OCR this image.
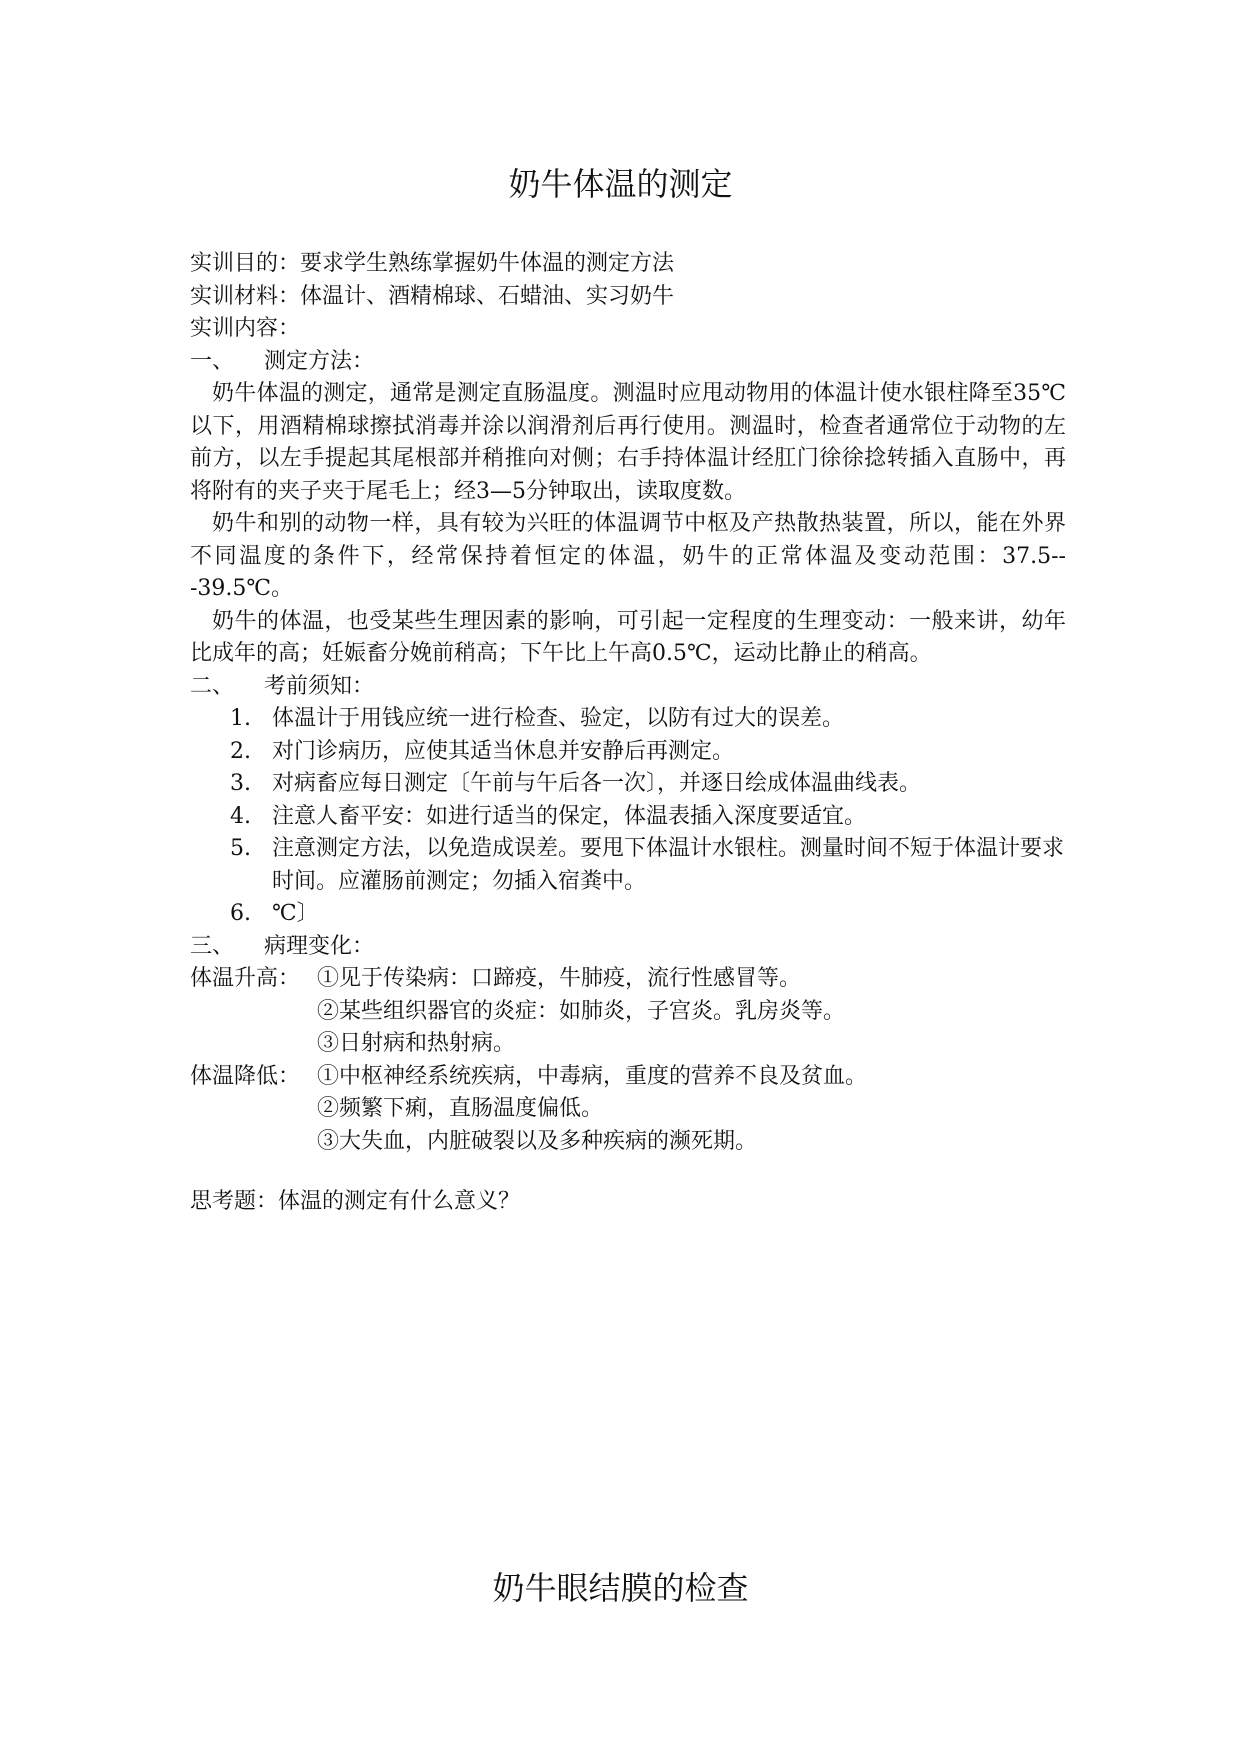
奶牛体温的测定
实训目的：要求学生熟练掌握奶牛体温的测定方法
实训材料：体温计、酒精棉球、石蜡油、实习奶牛
实训内容：
一、 测定方法：
奶牛体温的测定，通常是测定直肠温度。测温时应甩动物用的体温计使水银柱降至35℃以下，用酒精棉球擦拭消毒并涂以润滑剂后再行使用。测温时，检查者通常位于动物的左前方，以左手提起其尾根部并稍推向对侧；右手持体温计经肛门徐徐捻转插入直肠中，再将附有的夹子夹于尾毛上；经3—5分钟取出，读取度数。
奶牛和别的动物一样，具有较为兴旺的体温调节中枢及产热散热装置，所以，能在外界不同温度的条件下，经常保持着恒定的体温，奶牛的正常体温及变动范围：37.5---39.5℃。
奶牛的体温，也受某些生理因素的影响，可引起一定程度的生理变动：一般来讲，幼年比成年的高；妊娠畜分娩前稍高；下午比上午高0.5℃，运动比静止的稍高。
二、 考前须知：
1. 体温计于用钱应统一进行检查、验定，以防有过大的误差。
2. 对门诊病历，应使其适当休息并安静后再测定。
3. 对病畜应每日测定〔午前与午后各一次〕，并逐日绘成体温曲线表。
4. 注意人畜平安：如进行适当的保定，体温表插入深度要适宜。
5. 注意测定方法，以免造成误差。要甩下体温计水银柱。测量时间不短于体温计要求时间。应灌肠前测定；勿插入宿粪中。
6. ℃〕
三、 病理变化：
体温升高： ①见于传染病：口蹄疫，牛肺疫，流行性感冒等。
②某些组织器官的炎症：如肺炎，子宫炎。乳房炎等。
③日射病和热射病。
体温降低： ①中枢神经系统疾病，中毒病，重度的营养不良及贫血。
②频繁下痢，直肠温度偏低。
③大失血，内脏破裂以及多种疾病的濒死期。
思考题：体温的测定有什么意义？
奶牛眼结膜的检查
